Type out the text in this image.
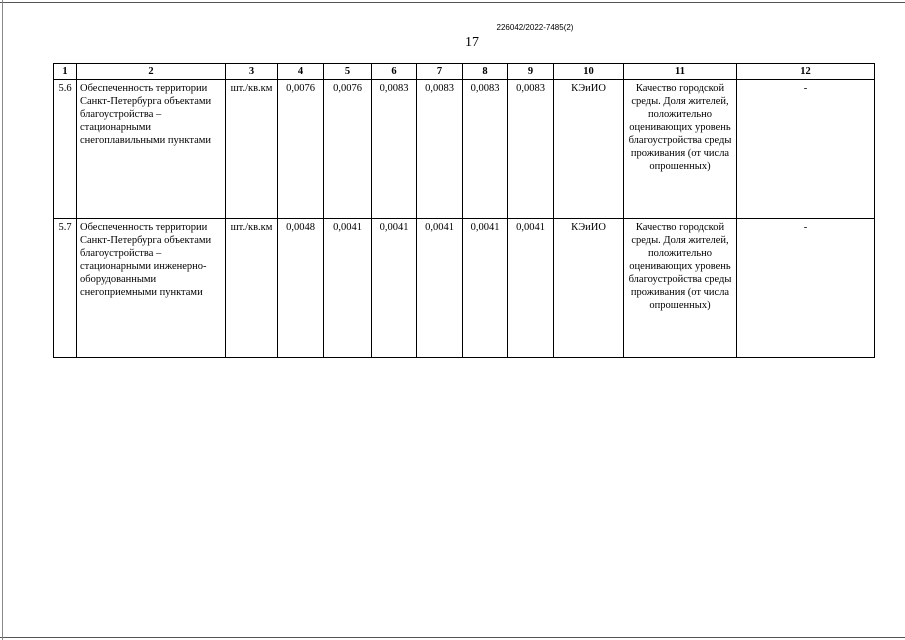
226042/2022-7485(2)
17
1	2	3	4	5	6	7	8	9	10	11	12
5.6	Обеспеченность территории Санкт-Петербурга объектами благоустройства – стационарными снегоплавильными пунктами	шт./кв.км	0,0076	0,0076	0,0083	0,0083	0,0083	0,0083	КЭиИО	Качество городской среды. Доля жителей, положительно оценивающих уровень благоустройства среды проживания (от числа опрошенных)	-
5.7	Обеспеченность территории Санкт-Петербурга объектами благоустройства – стационарными инженерно-оборудованными снегоприемными пунктами	шт./кв.км	0,0048	0,0041	0,0041	0,0041	0,0041	0,0041	КЭиИО	Качество городской среды. Доля жителей, положительно оценивающих уровень благоустройства среды проживания (от числа опрошенных)	-
